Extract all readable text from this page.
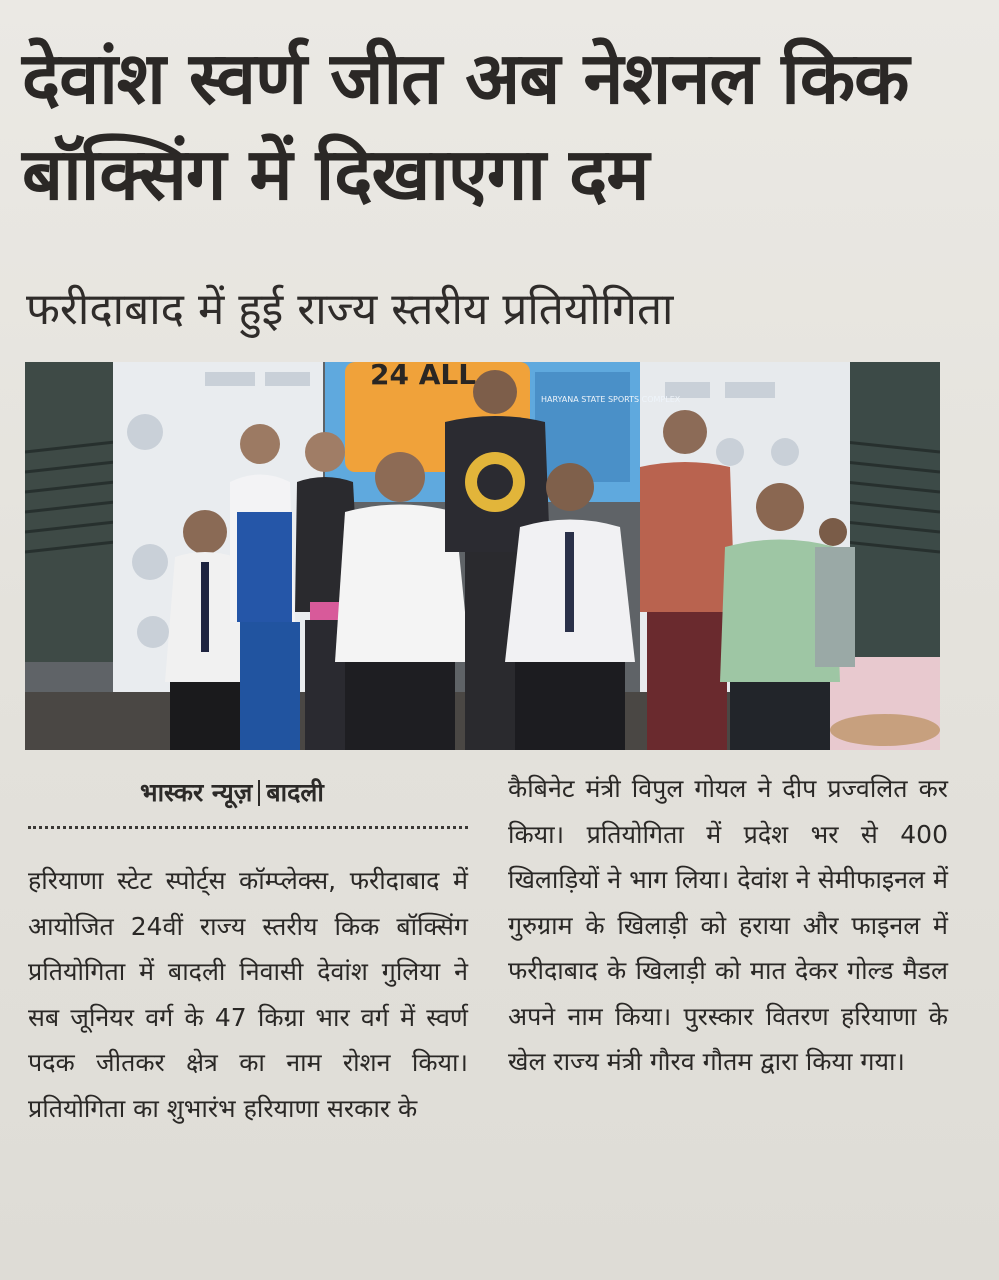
देवांश स्वर्ण जीत अब नेशनल किक बॉक्सिंग में दिखाएगा दम
फरीदाबाद में हुई राज्य स्तरीय प्रतियोगिता
24 ALL
HARYANA STATE SPORTS COMPLEX
भास्कर न्यूज़ बादली

हरियाणा स्टेट स्पोर्ट्स कॉम्प्लेक्स, फरीदाबाद में आयोजित 24वीं राज्य स्तरीय किक बॉक्सिंग प्रतियोगिता में बादली निवासी देवांश गुलिया ने सब जूनियर वर्ग के 47 किग्रा भार वर्ग में स्वर्ण पदक जीतकर क्षेत्र का नाम रोशन किया। प्रतियोगिता का शुभारंभ हरियाणा सरकार के

कैबिनेट मंत्री विपुल गोयल ने दीप प्रज्वलित कर किया। प्रतियोगिता में प्रदेश भर से 400 खिलाड़ियों ने भाग लिया। देवांश ने सेमीफाइनल में गुरुग्राम के खिलाड़ी को हराया और फाइनल में फरीदाबाद के खिलाड़ी को मात देकर गोल्ड मैडल अपने नाम किया। पुरस्कार वितरण हरियाणा के खेल राज्य मंत्री गौरव गौतम द्वारा किया गया।
